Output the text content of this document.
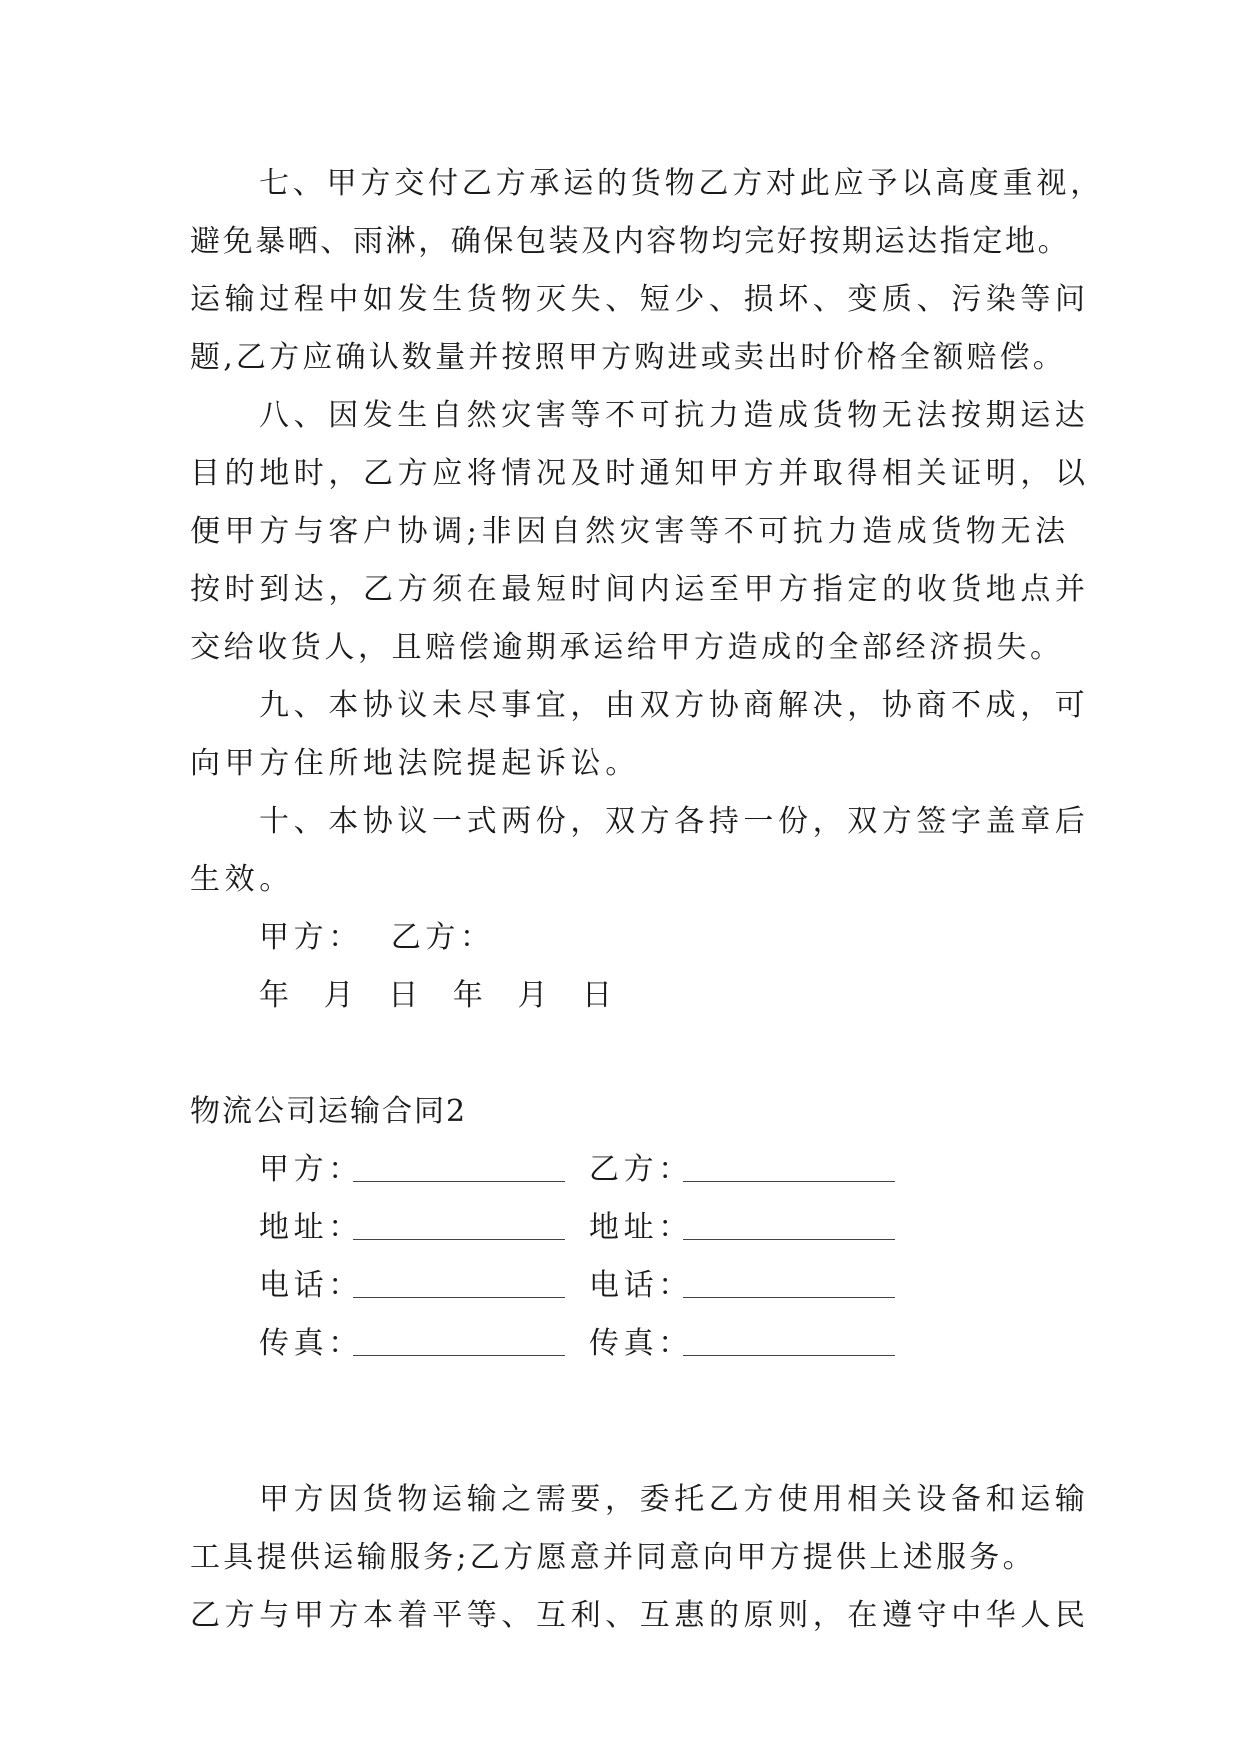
七、甲方交付乙方承运的货物乙方对此应予以高度重视，
避免暴晒、雨淋，确保包装及内容物均完好按期运达指定地。
运输过程中如发生货物灭失、短少、损坏、变质、污染等问
题,乙方应确认数量并按照甲方购进或卖出时价格全额赔偿。
八、因发生自然灾害等不可抗力造成货物无法按期运达
目的地时，乙方应将情况及时通知甲方并取得相关证明，以
便甲方与客户协调;非因自然灾害等不可抗力造成货物无法
按时到达，乙方须在最短时间内运至甲方指定的收货地点并
交给收货人，且赔偿逾期承运给甲方造成的全部经济损失。
九、本协议未尽事宜，由双方协商解决，协商不成，可
向甲方住所地法院提起诉讼。
十、本协议一式两份，双方各持一份，双方签字盖章后
生效。
甲方： 乙方：
年 月 日 年 月 日
物流公司运输合同2
甲方：	乙方：
地址：	地址：
电话：	电话：
传真：	传真：
甲方因货物运输之需要，委托乙方使用相关设备和运输
工具提供运输服务;乙方愿意并同意向甲方提供上述服务。
乙方与甲方本着平等、互利、互惠的原则，在遵守中华人民
